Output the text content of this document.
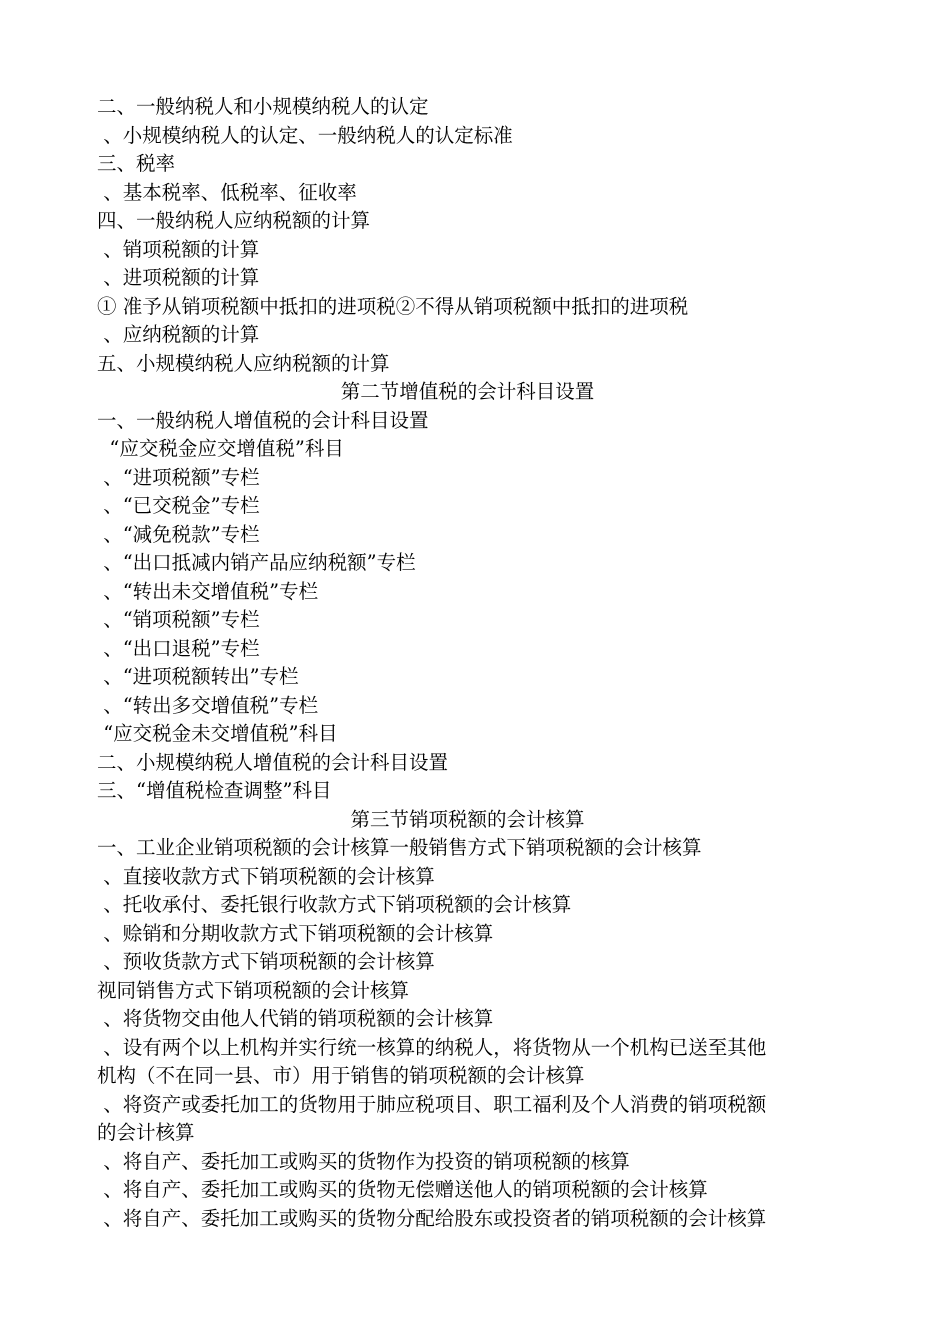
二、一般纳税人和小规模纳税人的认定
、小规模纳税人的认定、一般纳税人的认定标准
三、税率
、基本税率、低税率、征收率
四、一般纳税人应纳税额的计算
、销项税额的计算
、进项税额的计算
① 准予从销项税额中抵扣的进项税②不得从销项税额中抵扣的进项税
、应纳税额的计算
五、小规模纳税人应纳税额的计算
第二节增值税的会计科目设置
一、一般纳税人增值税的会计科目设置
“应交税金应交增值税”科目
、“进项税额”专栏
、“已交税金”专栏
、“减免税款”专栏
、“出口抵减内销产品应纳税额”专栏
、“转出未交增值税”专栏
、“销项税额”专栏
、“出口退税”专栏
、“进项税额转出”专栏
、“转出多交增值税”专栏
“应交税金未交增值税”科目
二、小规模纳税人增值税的会计科目设置
三、“增值税检查调整”科目
第三节销项税额的会计核算
一、工业企业销项税额的会计核算一般销售方式下销项税额的会计核算
、直接收款方式下销项税额的会计核算
、托收承付、委托银行收款方式下销项税额的会计核算
、赊销和分期收款方式下销项税额的会计核算
、预收货款方式下销项税额的会计核算
视同销售方式下销项税额的会计核算
、将货物交由他人代销的销项税额的会计核算
、设有两个以上机构并实行统一核算的纳税人，将货物从一个机构已送至其他
机构（不在同一县、市）用于销售的销项税额的会计核算
、将资产或委托加工的货物用于肺应税项目、职工福利及个人消费的销项税额
的会计核算
、将自产、委托加工或购买的货物作为投资的销项税额的核算
、将自产、委托加工或购买的货物无偿赠送他人的销项税额的会计核算
、将自产、委托加工或购买的货物分配给股东或投资者的销项税额的会计核算
